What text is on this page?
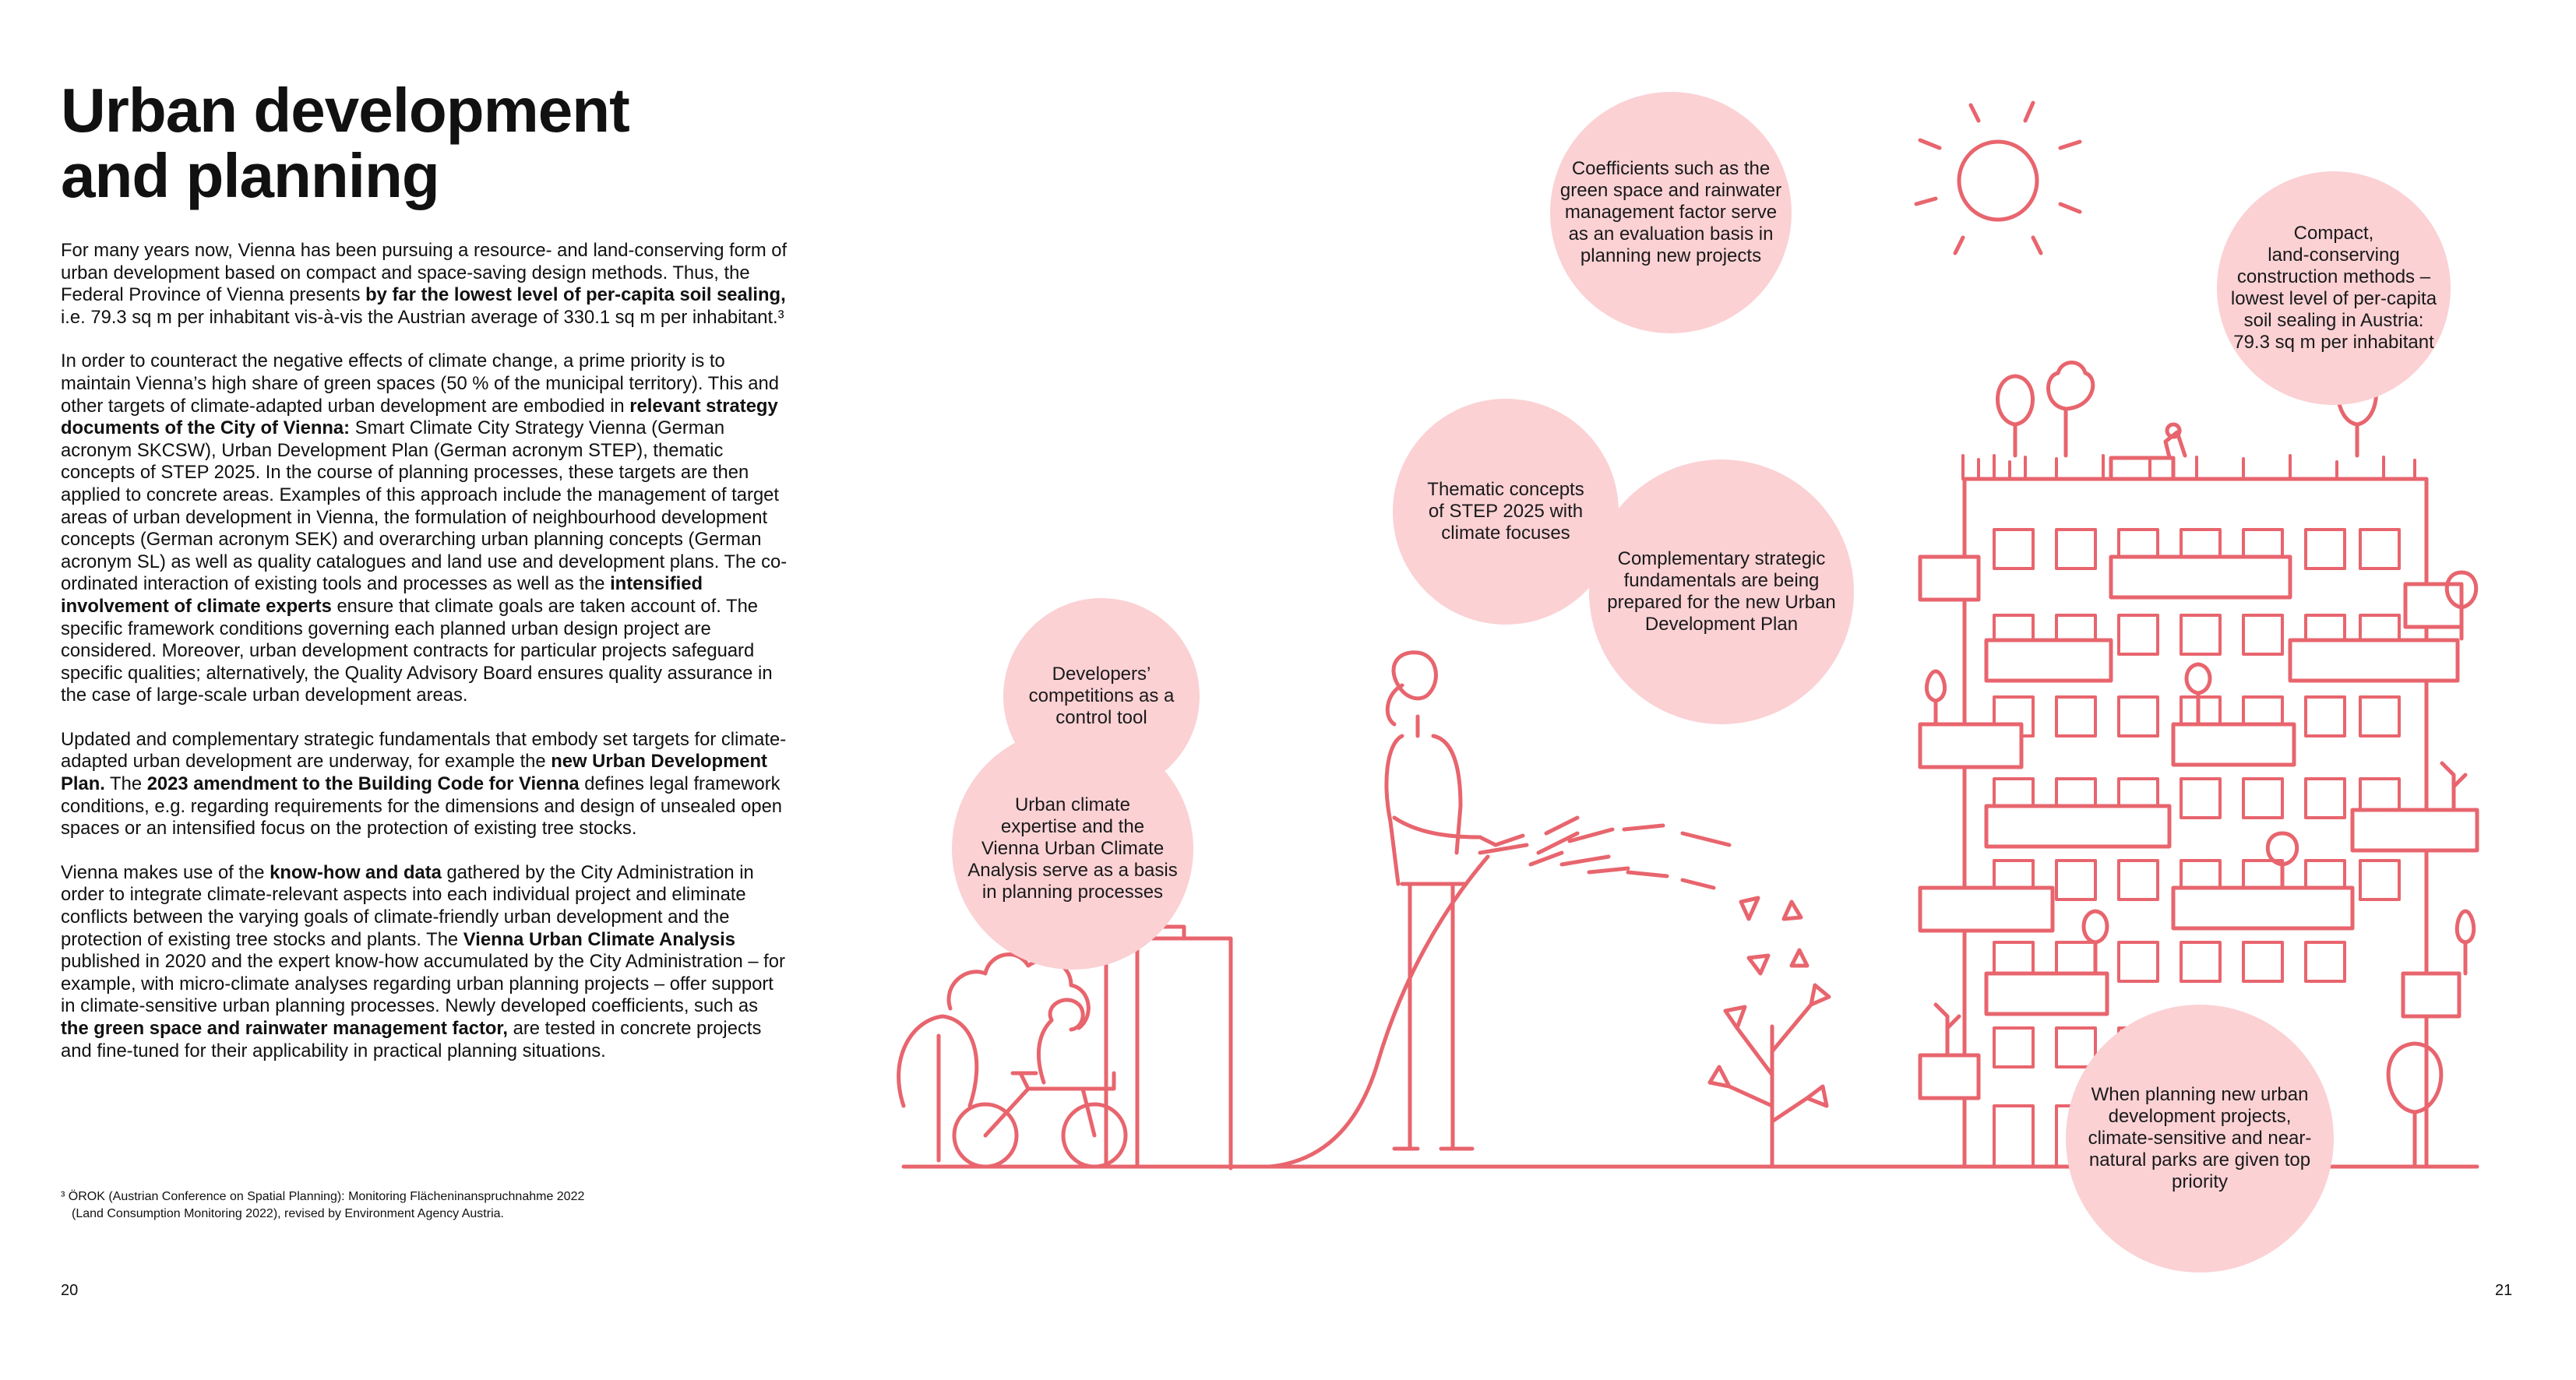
Urban development
and planning

For many years now, Vienna has been pursuing a resource- and land-conserving form of urban development based on compact and space-saving design methods. Thus, the Federal Province of Vienna presents by far the lowest level of per-capita soil sealing, i.e. 79.3 sq m per inhabitant vis-à-vis the Austrian average of 330.1 sq m per inhabitant.³

In order to counteract the negative effects of climate change, a prime priority is to maintain Vienna’s high share of green spaces (50 % of the municipal territory). This and other targets of climate-adapted urban development are embodied in relevant strategy documents of the City of Vienna: Smart Climate City Strategy Vienna (German acronym SKCSW), Urban Development Plan (German acronym STEP), thematic concepts of STEP 2025. In the course of planning processes, these targets are then applied to concrete areas. Examples of this approach include the management of target areas of urban development in Vienna, the formulation of neighbourhood development concepts (German acronym SEK) and overarching urban planning concepts (German acronym SL) as well as quality catalogues and land use and development plans. The co-ordinated interaction of existing tools and processes as well as the intensified involvement of climate experts ensure that climate goals are taken account of. The specific framework conditions governing each planned urban design project are considered. Moreover, urban development contracts for particular projects safeguard specific qualities; alternatively, the Quality Advisory Board ensures quality assurance in the case of large-scale urban development areas.

Updated and complementary strategic fundamentals that embody set targets for climate-adapted urban development are underway, for example the new Urban Development Plan. The 2023 amendment to the Building Code for Vienna defines legal framework conditions, e.g. regarding requirements for the dimensions and design of unsealed open spaces or an intensified focus on the protection of existing tree stocks.

Vienna makes use of the know-how and data gathered by the City Administration in order to integrate climate-relevant aspects into each individual project and eliminate conflicts between the varying goals of climate-friendly urban development and the protection of existing tree stocks and plants. The Vienna Urban Climate Analysis published in 2020 and the expert know-how accumulated by the City Administration – for example, with micro-climate analyses regarding urban planning projects – offer support in climate-sensitive urban planning processes. Newly developed coefficients, such as the green space and rainwater management factor, are tested in concrete projects and fine-tuned for their applicability in practical planning situations.

³ ÖROK (Austrian Conference on Spatial Planning): Monitoring Flächeninanspruchnahme 2022
(Land Consumption Monitoring 2022), revised by Environment Agency Austria.
20	21
Coefficients such as the
green space and rainwater
management factor serve
as an evaluation basis in
planning new projects
Compact,
land-conserving
construction methods –
lowest level of per-capita
soil sealing in Austria:
79.3 sq m per inhabitant
Thematic concepts
of STEP 2025 with
climate focuses
Complementary strategic
fundamentals are being
prepared for the new Urban
Development Plan
Developers’
competitions as a
control tool
Urban climate
expertise and the
Vienna Urban Climate
Analysis serve as a basis
in planning processes
When planning new urban
development projects,
climate-sensitive and near-
natural parks are given top
priority
